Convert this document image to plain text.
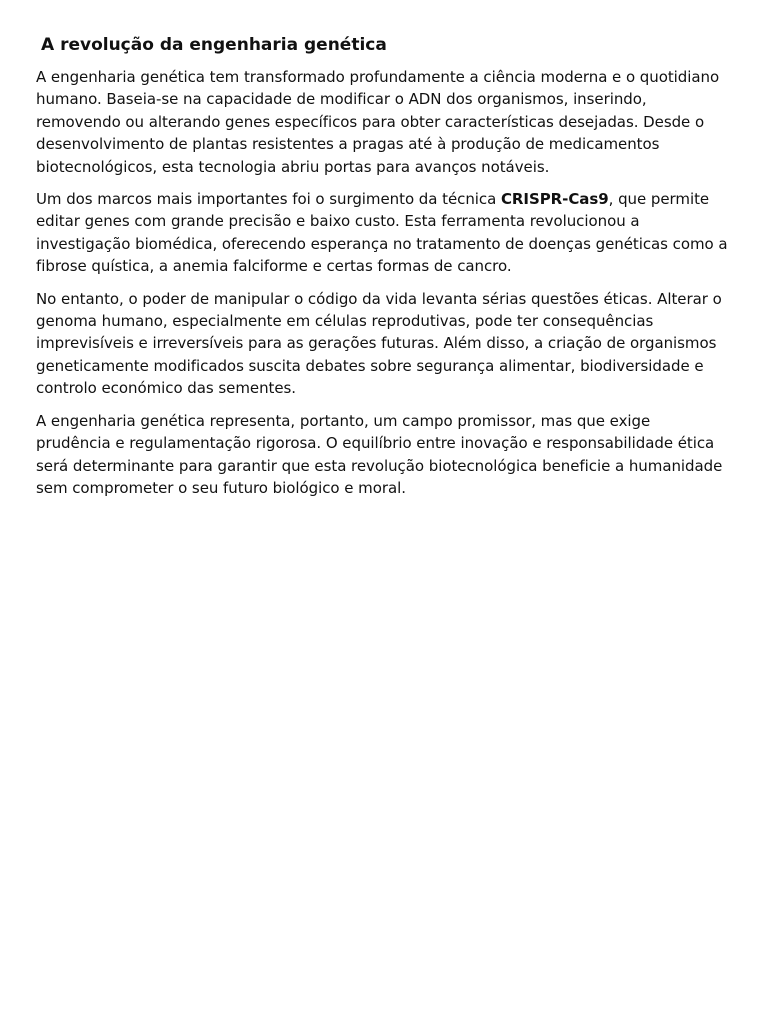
A revolução da engenharia genética

A engenharia genética tem transformado profundamente a ciência moderna e o quotidiano humano. Baseia-se na capacidade de modificar o ADN dos organismos, inserindo, removendo ou alterando genes específicos para obter características desejadas. Desde o desenvolvimento de plantas resistentes a pragas até à produção de medicamentos biotecnológicos, esta tecnologia abriu portas para avanços notáveis.

Um dos marcos mais importantes foi o surgimento da técnica CRISPR-Cas9, que permite editar genes com grande precisão e baixo custo. Esta ferramenta revolucionou a investigação biomédica, oferecendo esperança no tratamento de doenças genéticas como a fibrose quística, a anemia falciforme e certas formas de cancro.

No entanto, o poder de manipular o código da vida levanta sérias questões éticas. Alterar o genoma humano, especialmente em células reprodutivas, pode ter consequências imprevisíveis e irreversíveis para as gerações futuras. Além disso, a criação de organismos geneticamente modificados suscita debates sobre segurança alimentar, biodiversidade e controlo económico das sementes.

A engenharia genética representa, portanto, um campo promissor, mas que exige prudência e regulamentação rigorosa. O equilíbrio entre inovação e responsabilidade ética será determinante para garantir que esta revolução biotecnológica beneficie a humanidade sem comprometer o seu futuro biológico e moral.
